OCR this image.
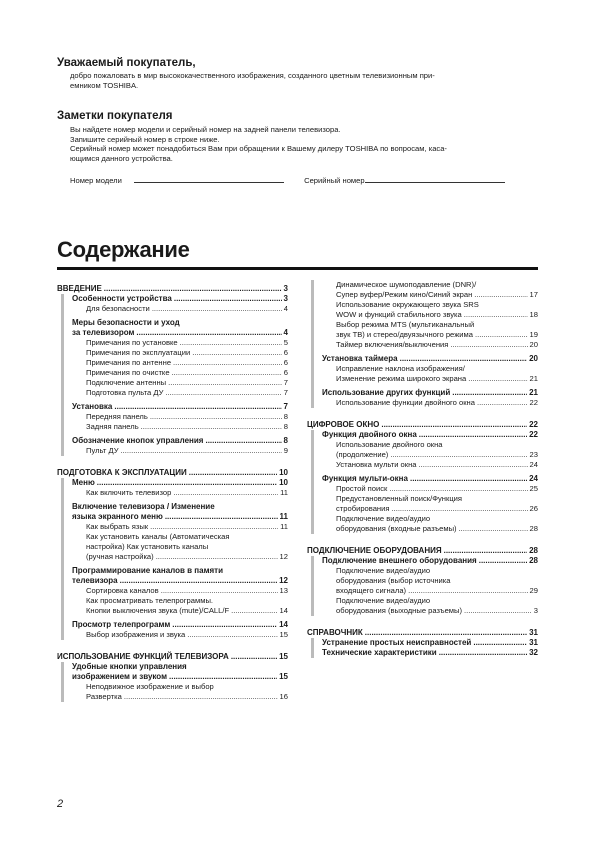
Уважаемый покупатель,
добро пожаловать в мир высококачественного изображения, созданного цветным телевизионным при-
емником TOSHIBA.
Заметки покупателя
Вы найдете номер модели и серийный номер на задней панели телевизора.
Запишите серийный номер в строке ниже.
Серийный номер может понадобиться Вам при обращении к Вашему дилеру TOSHIBA по вопросам, каса-
ющимся данного устройства.
Номер модели	Серийный номер
Содержание
ВВЕДЕНИЕ .....	3
Особенности устройства .....	3
Для безопасности .....	4
Меры безопасности и уход
за телевизором .....	4
Примечания по установке .....	5
Примечания по эксплуатации .....	6
Примечания по антенне .....	6
Примечания по очистке .....	6
Подключение антенны .....	7
Подготовка пульта ДУ .....	7
Установка .....	7
Передняя панель .....	8
Задняя панель .....	8
Обозначение кнопок управления .....	8
Пульт ДУ .....	9
ПОДГОТОВКА К ЭКСПЛУАТАЦИИ .....	10
Меню .....	10
Как включить телевизор .....	11
Включение телевизора / Изменение
языка экранного меню .....	11
Как выбрать язык .....	11
Как установить каналы (Автоматическая
настройка) Как установить каналы
(ручная настройка) .....	12
Программирование каналов в памяти
телевизора .....	12
Сортировка каналов .....	13
Как просматривать телепрограммы.
Кнопки выключения звука (mute)/CALL/F .....	14
Просмотр телепрограмм .....	14
Выбор изображения и звука .....	15
ИСПОЛЬЗОВАНИЕ ФУНКЦИЙ ТЕЛЕВИЗОРА .....	15
Удобные кнопки управления
изображением и звуком .....	15
Неподвижное изображение и выбор
Развертка .....	16
Динамическое шумоподавление (DNR)/
Супер вуфер/Режим кино/Синий экран .....	17
Использование окружающего звука SRS
WOW и функций стабильного звука .....	18
Выбор режима MTS (мультиканальный
звук ТВ) и стерео/двуязычного режима .....	19
Таймер включения/выключения .....	20
Установка таймера .....	20
Исправление наклона изображения/
Изменение режима широкого экрана .....	21
Использование других функций .....	21
Использование функции двойного окна .....	22
ЦИФРОВОЕ ОКНО .....	22
Функция двойного окна .....	22
Использование двойного окна
(продолжение) .....	23
Установка мульти окна .....	24
Функция мульти-окна .....	24
Простой поиск .....	25
Предустановленный поиск/Функция
стробирования .....	26
Подключение видео/аудио
оборудования (входные разъемы) .....	28
ПОДКЛЮЧЕНИЕ ОБОРУДОВАНИЯ .....	28
Подключение внешнего оборудования .....	28
Подключение видео/аудио
оборудования (выбор источника
входящего сигнала) .....	29
Подключение видео/аудио
оборудования (выходные разъемы) .....	3
СПРАВОЧНИК .....	31
Устранение простых неисправностей .....	31
Технические характеристики .....	32
2
